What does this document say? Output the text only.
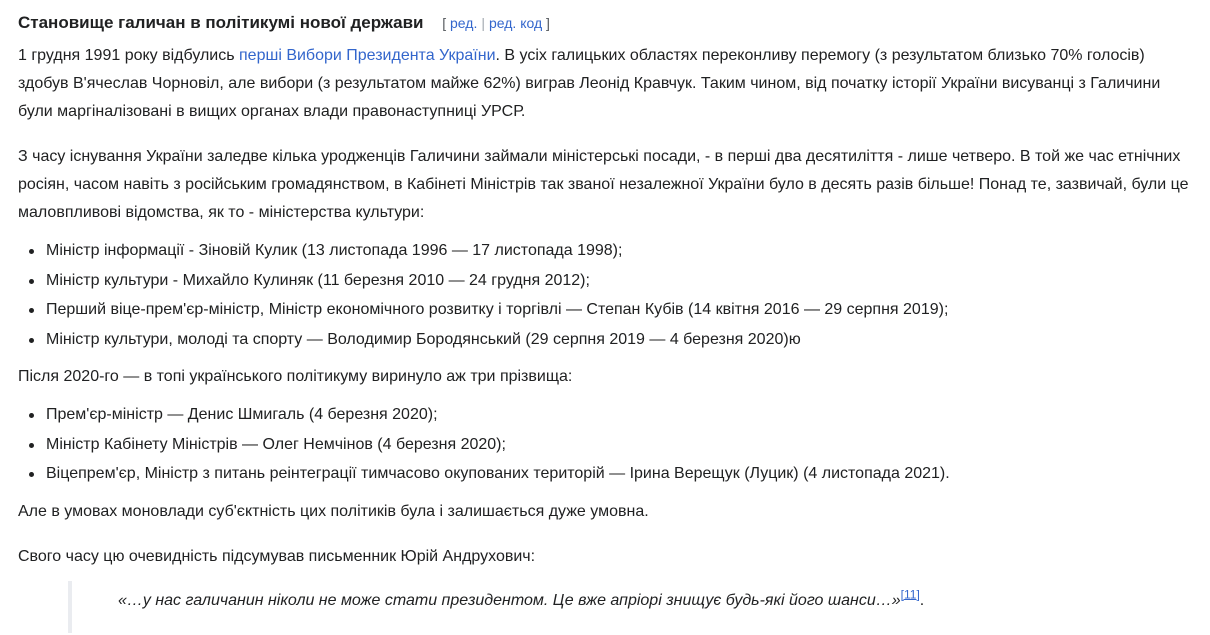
Становище галичан в політикумі нової держави [ ред. | ред. код ]

1 грудня 1991 року відбулись перші Вибори Президента України. В усіх галицьких областях переконливу перемогу (з результатом близько 70% голосів) здобув В'ячеслав Чорновіл, але вибори (з результатом майже 62%) виграв Леонід Кравчук. Таким чином, від початку історії України висуванці з Галичини були маргіналізовані в вищих органах влади правонаступниці УРСР.

З часу існування України заледве кілька уродженців Галичини займали міністерські посади, - в перші два десятиліття - лише четверо. В той же час етнічних росіян, часом навіть з російським громадянством, в Кабінеті Міністрів так званої незалежної України було в десять разів більше! Понад те, зазвичай, були це маловпливові відомства, як то - міністерства культури:

Міністр інформації - Зіновій Кулик (13 листопада 1996 — 17 листопада 1998);
Міністр культури - Михайло Кулиняк (11 березня 2010 — 24 грудня 2012);
Перший віце-прем'єр-міністр, Міністр економічного розвитку і торгівлі — Степан Кубів (14 квітня 2016 — 29 серпня 2019);
Міністр культури, молоді та спорту — Володимир Бородянський (29 серпня 2019 — 4 березня 2020)ю

Після 2020-го — в топі українського політикуму виринуло аж три прізвища:

Прем'єр-міністр — Денис Шмигаль (4 березня 2020);
Міністр Кабінету Міністрів — Олег Немчінов (4 березня 2020);
Віцепрем'єр, Міністр з питань реінтеграції тимчасово окупованих територій — Ірина Верещук (Луцик) (4 листопада 2021).

Але в умовах моновлади суб'єктність цих політиків була і залишається дуже умовна.

Свого часу цю очевидність підсумував письменник Юрій Андрухович:

«…у нас галичанин ніколи не може стати президентом. Це вже апріорі знищує будь-які його шанси…»[11].
